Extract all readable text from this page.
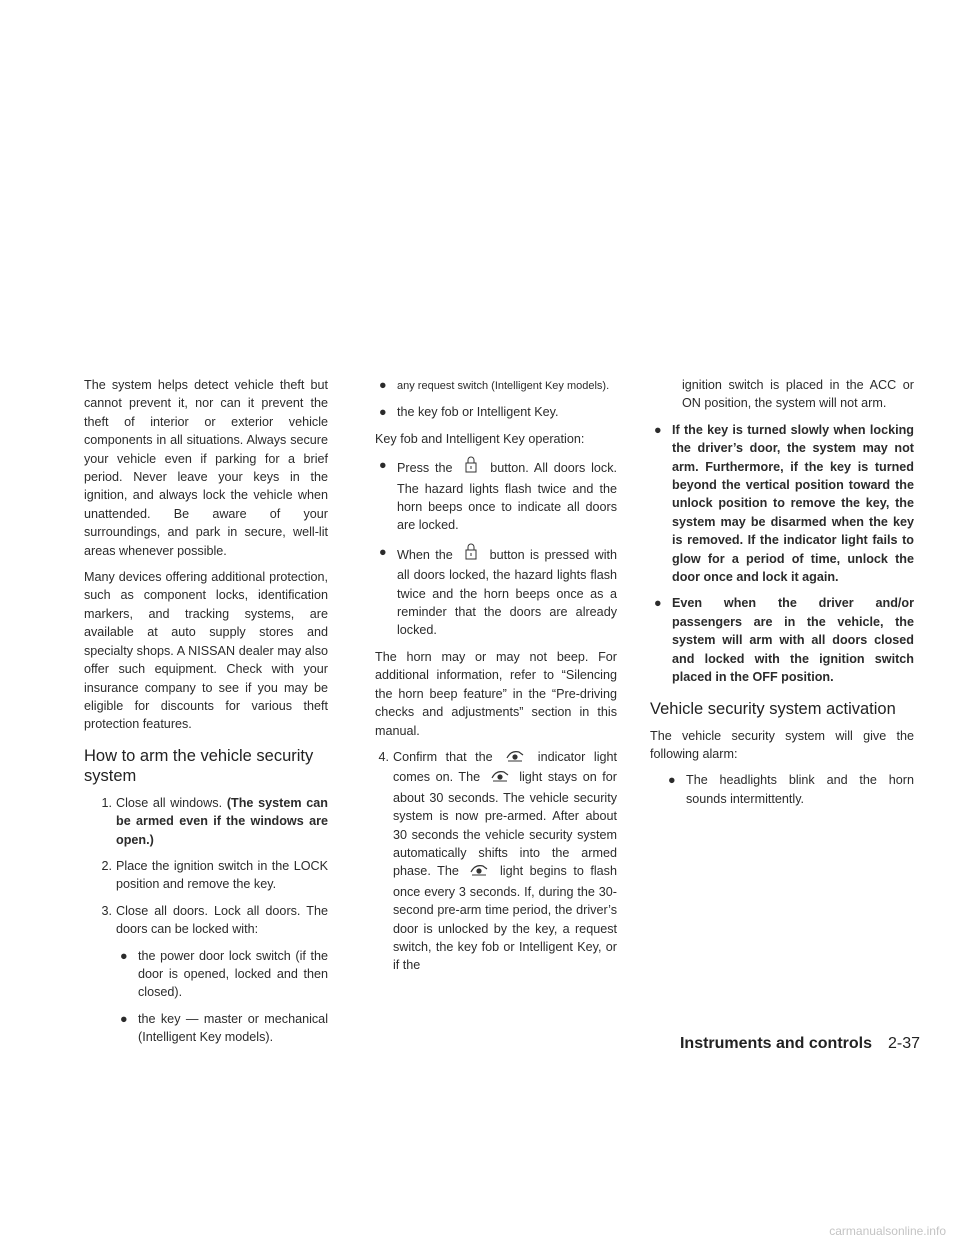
The system helps detect vehicle theft but cannot prevent it, nor can it prevent the theft of interior or exterior vehicle components in all situations. Always secure your vehicle even if parking for a brief period. Never leave your keys in the ignition, and always lock the vehicle when unattended. Be aware of your surroundings, and park in secure, well-lit areas whenever possible.

Many devices offering additional protection, such as component locks, identification markers, and tracking systems, are available at auto supply stores and specialty shops. A NISSAN dealer may also offer such equipment. Check with your insurance company to see if you may be eligible for discounts for various theft protection features.

How to arm the vehicle security system
1. Close all windows. (The system can be armed even if the windows are open.)
2. Place the ignition switch in the LOCK position and remove the key.
3. Close all doors. Lock all doors. The doors can be locked with:
● the power door lock switch (if the door is opened, locked and then closed).
● the key — master or mechanical (Intelligent Key models).
● any request switch (Intelligent Key models).
● the key fob or Intelligent Key.

Key fob and Intelligent Key operation:

● Press the	button. All doors lock. The hazard lights flash twice and the horn beeps once to indicate all doors are locked.
● When the	button is pressed with all doors locked, the hazard lights flash twice and the horn beeps once as a reminder that the doors are already locked.

The horn may or may not beep. For additional information, refer to “Silencing the horn beep feature” in the “Pre-driving checks and adjustments” section in this manual.

4. Confirm that the	indicator light comes on. The	light stays on for about 30 seconds. The vehicle security system is now pre-armed. After about 30 seconds the vehicle security system automatically shifts into the armed phase. The	light begins to flash once every 3 seconds. If, during the 30-second pre-arm time period, the driver’s door is unlocked by the key, a request switch, the key fob or Intelligent Key, or if the

ignition switch is placed in the ACC or ON position, the system will not arm.

● If the key is turned slowly when locking the driver’s door, the system may not arm. Furthermore, if the key is turned beyond the vertical position toward the unlock position to remove the key, the system may be disarmed when the key is removed. If the indicator light fails to glow for a period of time, unlock the door once and lock it again.
● Even when the driver and/or passengers are in the vehicle, the system will arm with all doors closed and locked with the ignition switch placed in the OFF position.
Vehicle security system activation

The vehicle security system will give the following alarm:

● The headlights blink and the horn sounds intermittently.
Instruments and controls 2-37
carmanualsonline.info
